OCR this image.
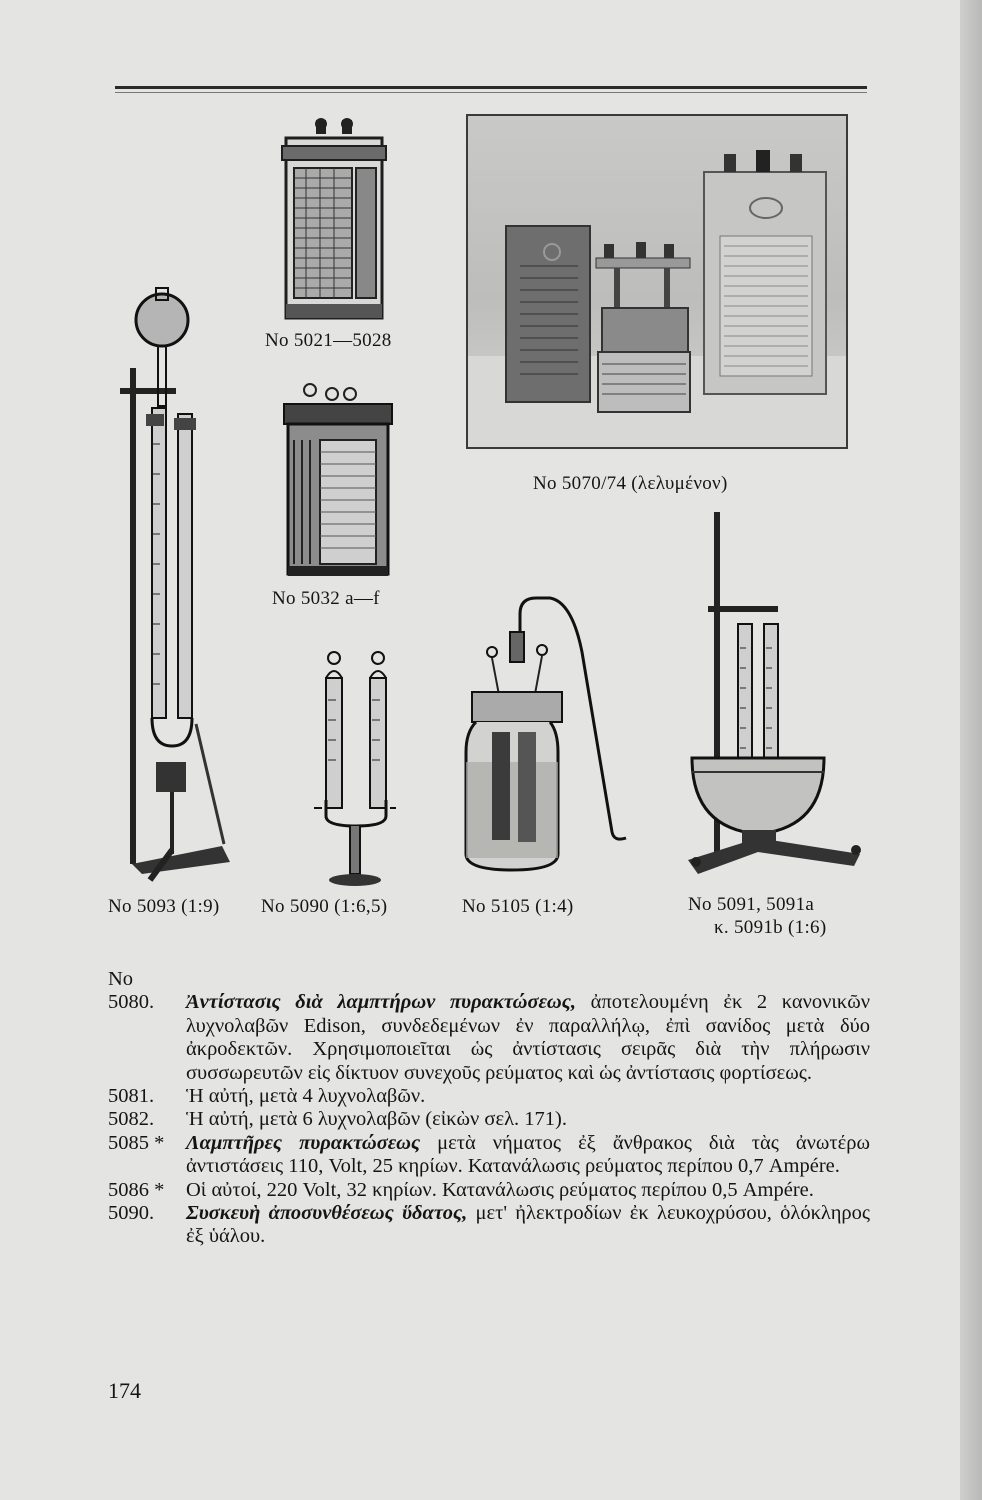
No 5021—5028
No 5032 a—f
No 5070/74 (λελυμένον)
No 5093 (1:9) No 5090 (1:6,5)	No 5105 (1:4)	No 5091, 5091a
κ. 5091b (1:6)
No
5080.	Ἀντίστασις διὰ λαμπτήρων πυρακτώσεως, ἀποτελουμένη ἐκ 2 κανονικῶν λυχνολαβῶν Edison, συνδεδεμένων ἐν παραλλήλῳ, ἐπὶ σανίδος μετὰ δύο ἀκροδεκτῶν. Χρησιμοποιεῖται ὡς ἀντίστασις σειρᾶς διὰ τὴν πλήρωσιν συσσωρευτῶν εἰς δίκτυον συνεχοῦς ρεύματος καὶ ὡς ἀντίστασις φορτίσεως.
5081.	Ἡ αὐτή, μετὰ 4 λυχνολαβῶν.
5082.	Ἡ αὐτή, μετὰ 6 λυχνολαβῶν (εἰκὼν σελ. 171).
5085 *	Λαμπτῆρες πυρακτώσεως μετὰ νήματος ἐξ ἄνθρακος διὰ τὰς ἀνωτέρω ἀντιστάσεις 110, Volt, 25 κηρίων. Κατανάλωσις ρεύματος περίπου 0,7 Ampére.
5086 *	Οἱ αὐτοί, 220 Volt, 32 κηρίων. Κατανάλωσις ρεύματος περίπου 0,5 Ampére.
5090.	Συσκευὴ ἀποσυνθέσεως ὕδατος, μετ' ἠλεκτροδίων ἐκ λευκοχρύσου, ὁλόκληρος ἐξ ὑάλου.
174
